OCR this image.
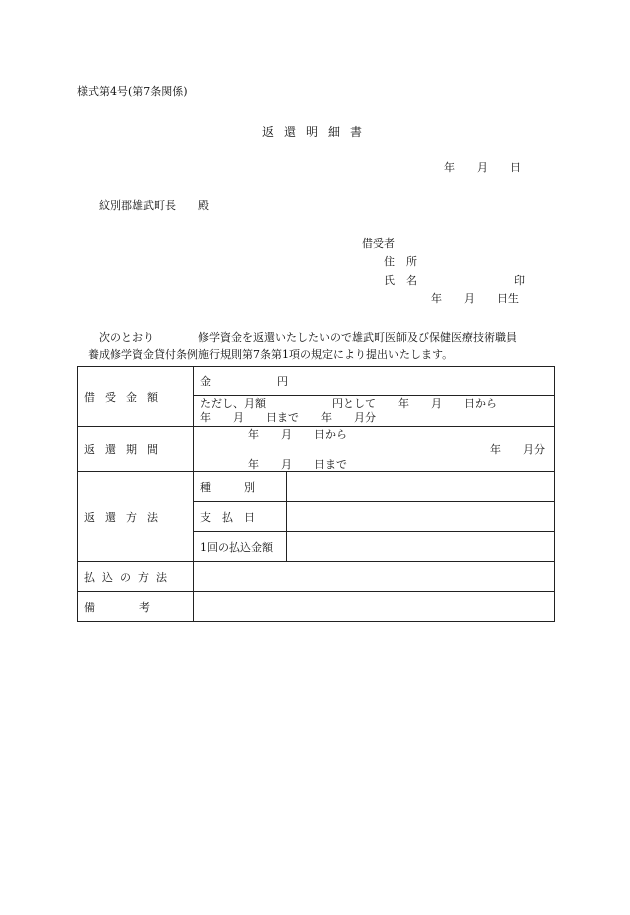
様式第4号(第7条関係)
返還明細書
年　　月　　日
紋別郡雄武町長　　殿
借受者
住　所
氏　名	印
年　　月　　日生
次のとおり　　　　修学資金を返還いたしたいので雄武町医師及び保健医療技術職員
養成修学資金貸付条例施行規則第7条第1項の規定により提出いたします。
借受金額	金　　　　　　円	

	ただし、月額　　　　　　円として　　年　　月　　日から
年　　月　　日まで　　年　　月分	

返還期間	年　　月　　日から
年　　月分
年　　月　　日まで	

返還方法	種　　　別	
	支　払　日	
	1回の払込金額	
払込の方法		
備　　　　考		
